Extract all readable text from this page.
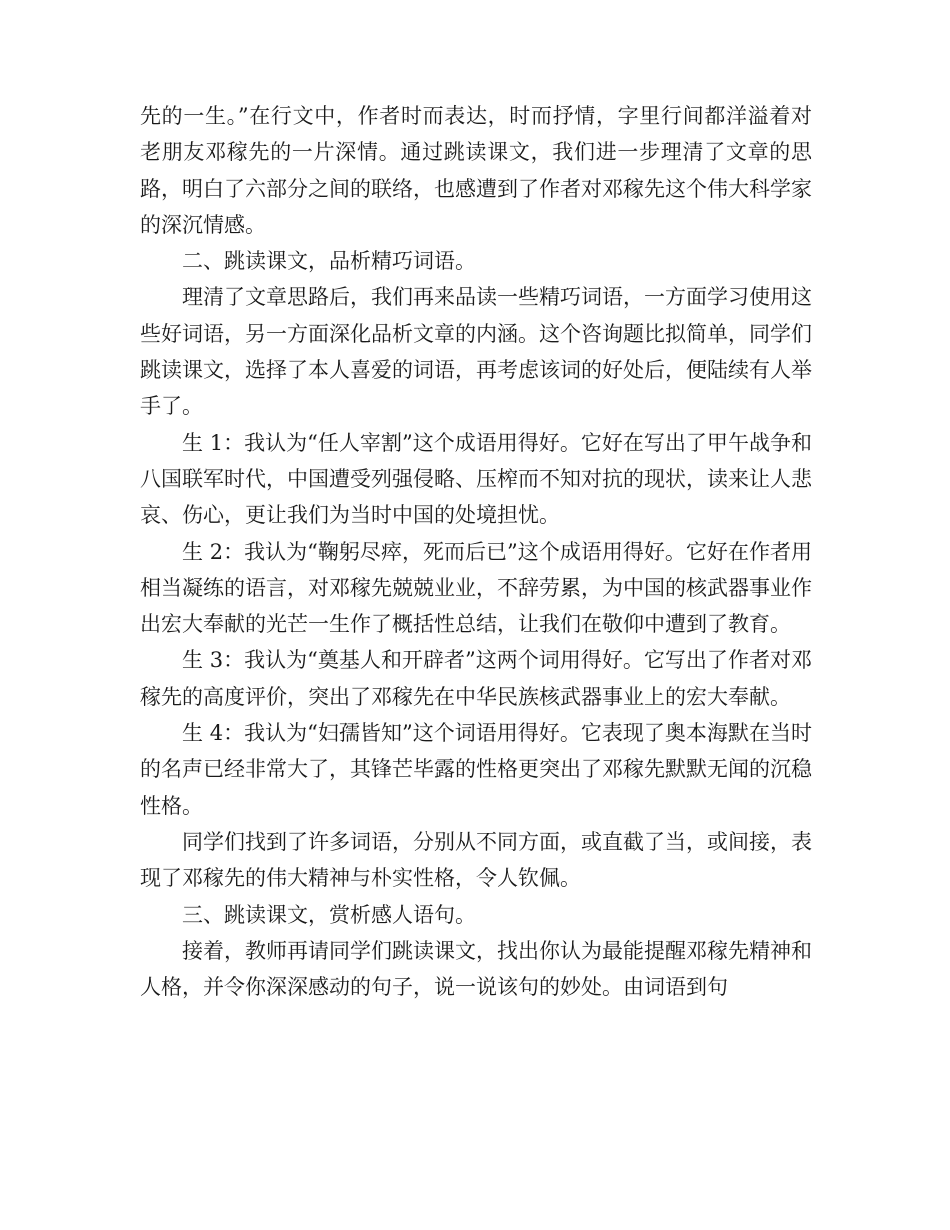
先的一生。”在行文中，作者时而表达，时而抒情，字里行间都洋溢着对老朋友邓稼先的一片深情。通过跳读课文，我们进一步理清了文章的思路，明白了六部分之间的联络，也感遭到了作者对邓稼先这个伟大科学家的深沉情感。

二、跳读课文，品析精巧词语。

理清了文章思路后，我们再来品读一些精巧词语，一方面学习使用这些好词语，另一方面深化品析文章的内涵。这个咨询题比拟简单，同学们跳读课文，选择了本人喜爱的词语，再考虑该词的好处后，便陆续有人举手了。

生 1：我认为“任人宰割”这个成语用得好。它好在写出了甲午战争和八国联军时代，中国遭受列强侵略、压榨而不知对抗的现状，读来让人悲哀、伤心，更让我们为当时中国的处境担忧。

生 2：我认为“鞠躬尽瘁，死而后已”这个成语用得好。它好在作者用相当凝练的语言，对邓稼先兢兢业业，不辞劳累，为中国的核武器事业作出宏大奉献的光芒一生作了概括性总结，让我们在敬仰中遭到了教育。

生 3：我认为“奠基人和开辟者”这两个词用得好。它写出了作者对邓稼先的高度评价，突出了邓稼先在中华民族核武器事业上的宏大奉献。

生 4：我认为“妇孺皆知”这个词语用得好。它表现了奥本海默在当时的名声已经非常大了，其锋芒毕露的性格更突出了邓稼先默默无闻的沉稳性格。

同学们找到了许多词语，分别从不同方面，或直截了当，或间接，表现了邓稼先的伟大精神与朴实性格，令人钦佩。

三、跳读课文，赏析感人语句。

接着，教师再请同学们跳读课文，找出你认为最能提醒邓稼先精神和人格，并令你深深感动的句子，说一说该句的妙处。由词语到句
